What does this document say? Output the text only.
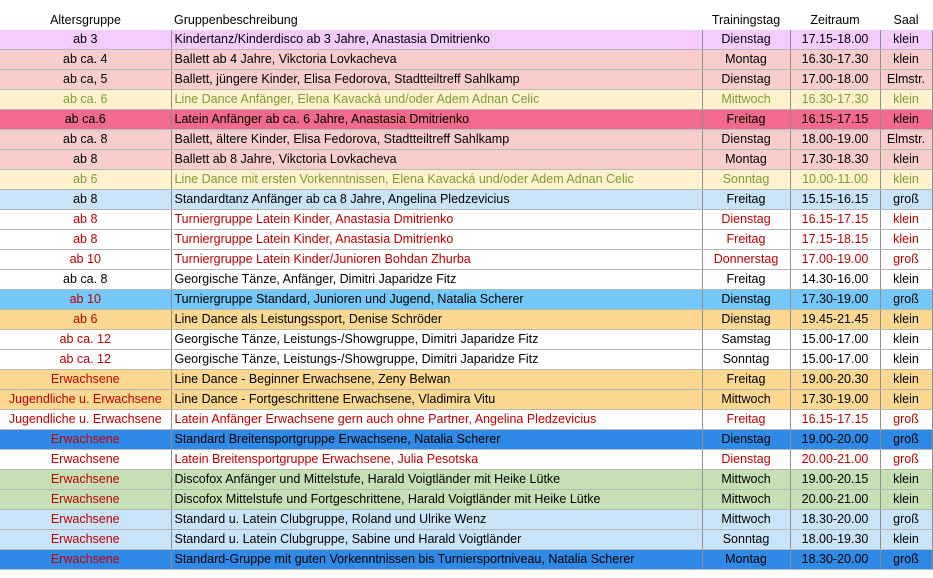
Altersgruppe	Gruppenbeschreibung	Trainingstag	Zeitraum	Saal
ab 3	Kindertanz/Kinderdisco ab 3 Jahre, Anastasia Dmitrienko	Dienstag	17.15-18.00	klein
ab ca. 4	Ballett ab 4 Jahre, Vikctoria Lovkacheva	Montag	16.30-17.30	klein
ab ca, 5	Ballett, jüngere Kinder, Elisa Fedorova, Stadtteiltreff Sahlkamp	Dienstag	17.00-18.00	Elmstr.
ab ca. 6	Line Dance Anfänger, Elena Kavacká und/oder Adem Adnan Celic	Mittwoch	16.30-17.30	klein
ab ca.6	Latein Anfänger ab ca. 6 Jahre, Anastasia Dmitrienko	Freitag	16.15-17.15	klein
ab ca. 8	Ballett, ältere Kinder, Elisa Fedorova, Stadtteiltreff Sahlkamp	Dienstag	18.00-19.00	Elmstr.
ab 8	Ballett ab 8 Jahre, Vikctoria Lovkacheva	Montag	17.30-18.30	klein
ab 6	Line Dance mit ersten Vorkenntnissen, Elena Kavacká und/oder Adem Adnan Celic	Sonntag	10.00-11.00	klein
ab 8	Standardtanz Anfänger ab ca 8 Jahre, Angelina Pledzevicius	Freitag	15.15-16.15	groß
ab 8	Turniergruppe Latein Kinder, Anastasia Dmitrienko	Dienstag	16.15-17.15	klein
ab 8	Turniergruppe Latein Kinder, Anastasia Dmitrienko	Freitag	17.15-18.15	klein
ab 10	Turniergruppe Latein Kinder/Junioren Bohdan Zhurba	Donnerstag	17.00-19.00	groß
ab ca. 8	Georgische Tänze, Anfänger, Dimitri Japaridze Fitz	Freitag	14.30-16.00	klein
ab 10	Turniergruppe Standard, Junioren und Jugend, Natalia Scherer	Dienstag	17.30-19.00	groß
ab 6	Line Dance als Leistungssport, Denise Schröder	Dienstag	19.45-21.45	klein
ab ca. 12	Georgische Tänze, Leistungs-/Showgruppe, Dimitri Japaridze Fitz	Samstag	15.00-17.00	klein
ab ca. 12	Georgische Tänze, Leistungs-/Showgruppe, Dimitri Japaridze Fitz	Sonntag	15.00-17.00	klein
Erwachsene	Line Dance - Beginner Erwachsene, Zeny Belwan	Freitag	19.00-20.30	klein
Jugendliche u. Erwachsene	Line Dance - Fortgeschrittene Erwachsene, Vladimira Vitu	Mittwoch	17.30-19.00	klein
Jugendliche u. Erwachsene	Latein Anfänger Erwachsene gern auch ohne Partner, Angelina Pledzevicius	Freitag	16.15-17.15	groß
Erwachsene	Standard Breitensportgruppe Erwachsene, Natalia Scherer	Dienstag	19.00-20.00	groß
Erwachsene	Latein Breitensportgruppe Erwachsene, Julia Pesotska	Dienstag	20.00-21.00	groß
Erwachsene	Discofox Anfänger und Mittelstufe, Harald Voigtländer mit Heike Lütke	Mittwoch	19.00-20.15	klein
Erwachsene	Discofox Mittelstufe und Fortgeschrittene, Harald Voigtländer mit Heike Lütke	Mittwoch	20.00-21.00	klein
Erwachsene	Standard u. Latein Clubgruppe, Roland und Ulrike Wenz	Mittwoch	18.30-20.00	groß
Erwachsene	Standard u. Latein Clubgruppe, Sabine und Harald Voigtländer	Sonntag	18.00-19.30	klein
Erwachsene	Standard-Gruppe mit guten Vorkenntnissen bis Turniersportniveau, Natalia Scherer	Montag	18.30-20.00	groß
